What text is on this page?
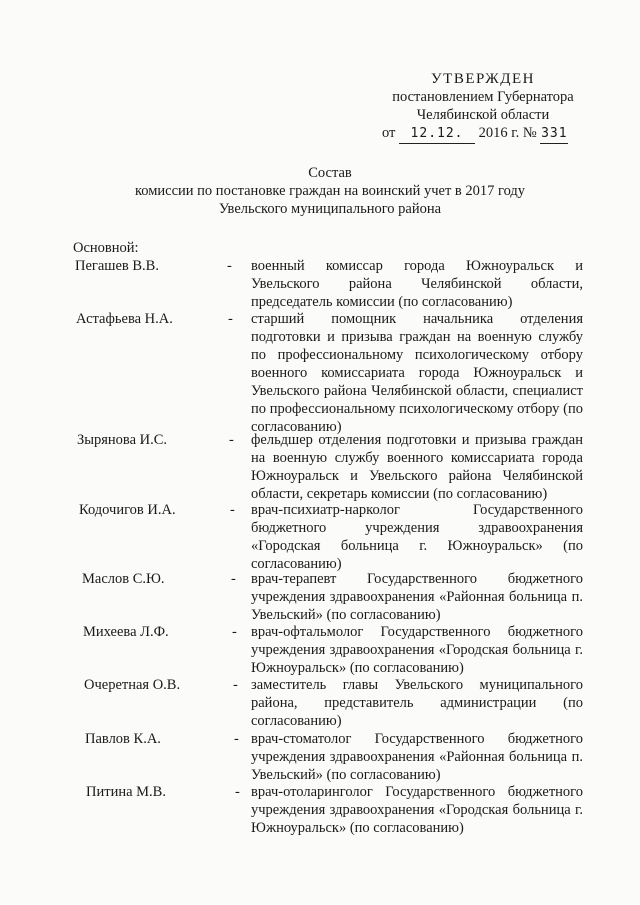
УТВЕРЖДЕН
постановлением Губернатора
Челябинской области
от 12.12. 2016 г. № 331
Состав
комиссии по постановке граждан на воинский учет в 2017 году
Увельского муниципального района
Основной:
Пегашев В.В.	- военный комиссар города Южноуральск и Увельского района Челябинской области, председатель комиссии (по согласованию)
Астафьева Н.А.	- старший помощник начальника отделения подготовки и призыва граждан на военную службу по профессиональному психологическому отбору военного комиссариата города Южноуральск и Увельского района Челябинской области, специалист по профессиональному психологическому отбору (по согласованию)
Зырянова И.С.	- фельдшер отделения подготовки и призыва граждан на военную службу военного комиссариата города Южноуральск и Увельского района Челябинской области, секретарь комиссии (по согласованию)
Кодочигов И.А.	- врач-психиатр-нарколог Государственного бюджетного учреждения здравоохранения «Городская больница г. Южноуральск» (по согласованию)
Маслов С.Ю.	- врач-терапевт Государственного бюджетного учреждения здравоохранения «Районная больница п. Увельский» (по согласованию)
Михеева Л.Ф.	- врач-офтальмолог Государственного бюджетного учреждения здравоохранения «Городская больница г. Южноуральск» (по согласованию)
Очеретная О.В.	- заместитель главы Увельского муниципального района, представитель администрации (по согласованию)
Павлов К.А.	- врач-стоматолог Государственного бюджетного учреждения здравоохранения «Районная больница п. Увельский» (по согласованию)
Питина М.В.	- врач-отоларинголог Государственного бюджетного учреждения здравоохранения «Городская больница г. Южноуральск» (по согласованию)
